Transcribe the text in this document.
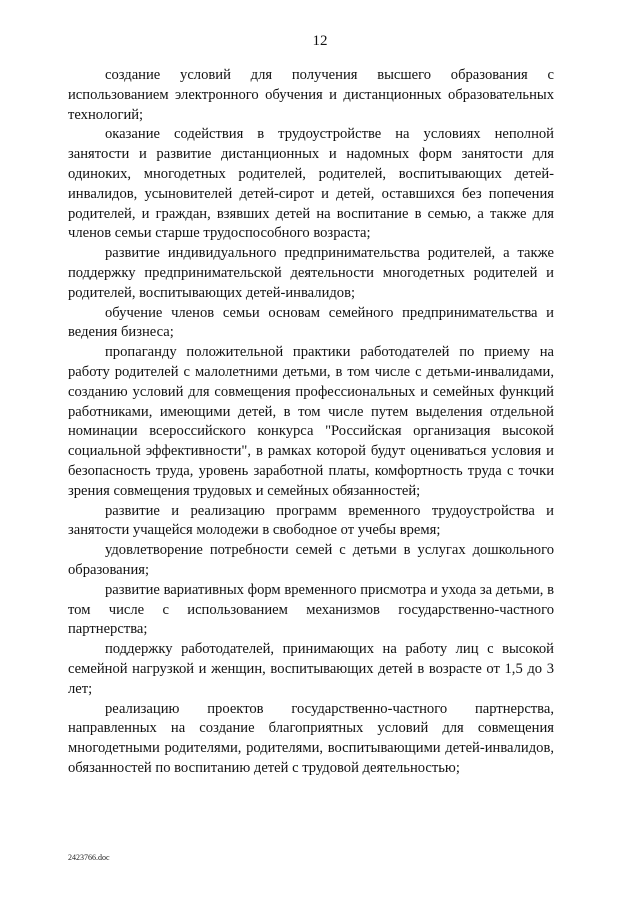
12

создание условий для получения высшего образования с использованием электронного обучения и дистанционных образовательных технологий;

оказание содействия в трудоустройстве на условиях неполной занятости и развитие дистанционных и надомных форм занятости для одиноких, многодетных родителей, родителей, воспитывающих детей-инвалидов, усыновителей детей-сирот и детей, оставшихся без попечения родителей, и граждан, взявших детей на воспитание в семью, а также для членов семьи старше трудоспособного возраста;

развитие индивидуального предпринимательства родителей, а также поддержку предпринимательской деятельности многодетных родителей и родителей, воспитывающих детей-инвалидов;

обучение членов семьи основам семейного предпринимательства и ведения бизнеса;

пропаганду положительной практики работодателей по приему на работу родителей с малолетними детьми, в том числе с детьми-инвалидами, созданию условий для совмещения профессиональных и семейных функций работниками, имеющими детей, в том числе путем выделения отдельной номинации всероссийского конкурса "Российская организация высокой социальной эффективности", в рамках которой будут оцениваться условия и безопасность труда, уровень заработной платы, комфортность труда с точки зрения совмещения трудовых и семейных обязанностей;

развитие и реализацию программ временного трудоустройства и занятости учащейся молодежи в свободное от учебы время;

удовлетворение потребности семей с детьми в услугах дошкольного образования;

развитие вариативных форм временного присмотра и ухода за детьми, в том числе с использованием механизмов государственно-частного партнерства;

поддержку работодателей, принимающих на работу лиц с высокой семейной нагрузкой и женщин, воспитывающих детей в возрасте от 1,5 до 3 лет;

реализацию проектов государственно-частного партнерства, направленных на создание благоприятных условий для совмещения многодетными родителями, родителями, воспитывающими детей-инвалидов, обязанностей по воспитанию детей с трудовой деятельностью;

2423766.doc
